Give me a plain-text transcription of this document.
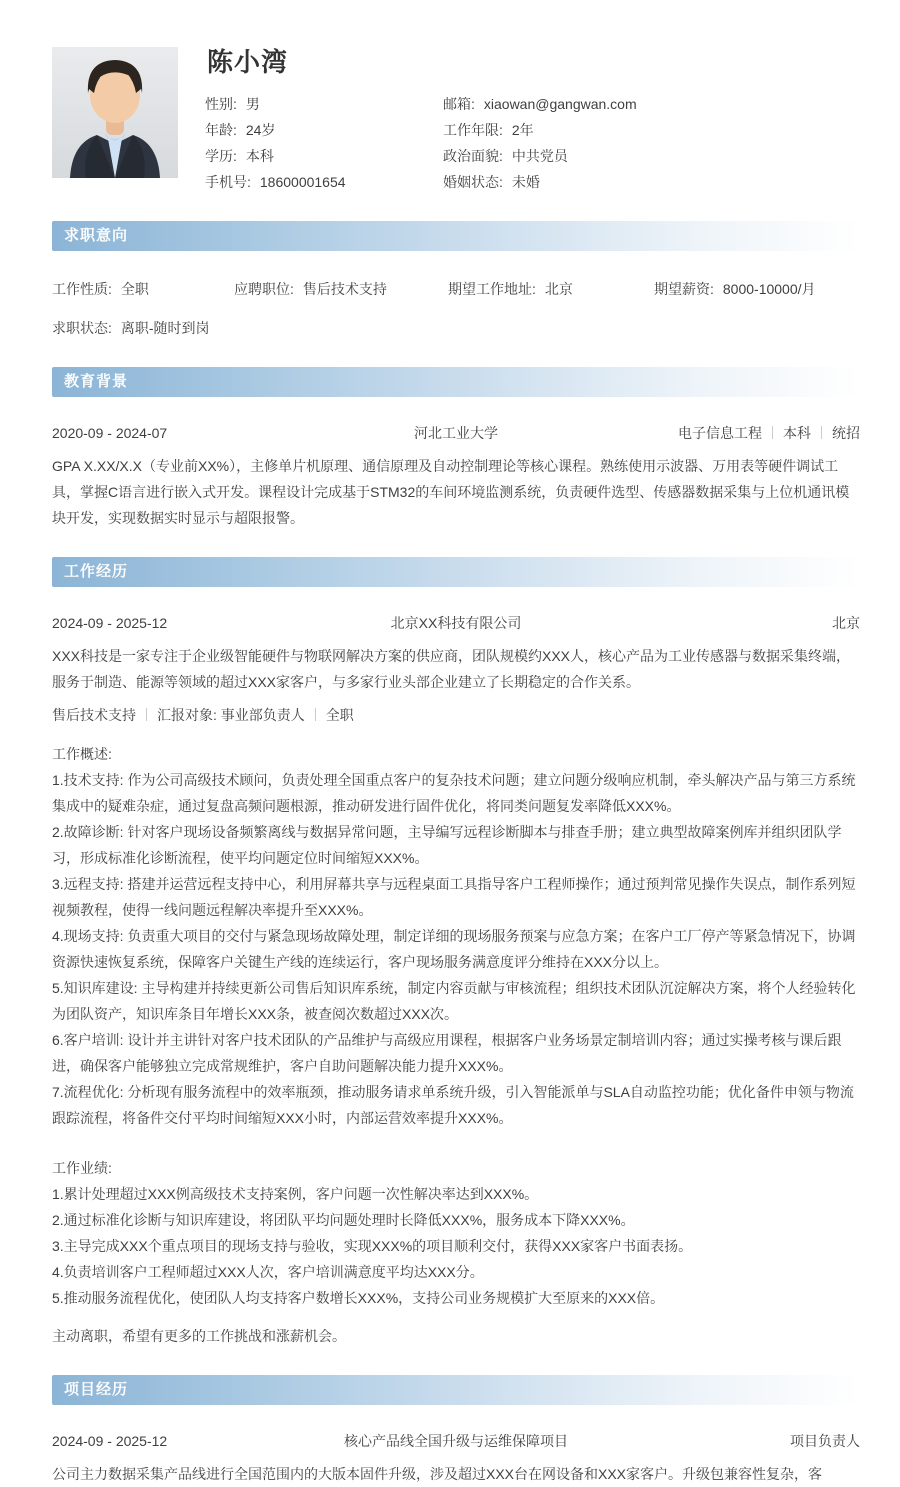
陈小湾
性别: 男	邮箱: xiaowan@gangwan.com
年龄: 24岁	工作年限: 2年
学历: 本科	政治面貌: 中共党员
手机号: 18600001654	婚姻状态: 未婚
求职意向
工作性质: 全职	应聘职位: 售后技术支持	期望工作地址: 北京	期望薪资: 8000-10000/月
求职状态: 离职-随时到岗
教育背景
2020-09 - 2024-07	河北工业大学	电子信息工程 本科 统招
GPA X.XX/X.X（专业前XX%），主修单片机原理、通信原理及自动控制理论等核心课程。熟练使用示波器、万用表等硬件调试工具，掌握C语言进行嵌入式开发。课程设计完成基于STM32的车间环境监测系统，负责硬件选型、传感器数据采集与上位机通讯模块开发，实现数据实时显示与超限报警。
工作经历
2024-09 - 2025-12	北京XX科技有限公司	北京
XXX科技是一家专注于企业级智能硬件与物联网解决方案的供应商，团队规模约XXX人，核心产品为工业传感器与数据采集终端，服务于制造、能源等领域的超过XXX家客户，与多家行业头部企业建立了长期稳定的合作关系。
售后技术支持 汇报对象: 事业部负责人 全职
工作概述:
1.技术支持: 作为公司高级技术顾问，负责处理全国重点客户的复杂技术问题；建立问题分级响应机制，牵头解决产品与第三方系统集成中的疑难杂症，通过复盘高频问题根源，推动研发进行固件优化，将同类问题复发率降低XXX%。
2.故障诊断: 针对客户现场设备频繁离线与数据异常问题，主导编写远程诊断脚本与排查手册；建立典型故障案例库并组织团队学习，形成标准化诊断流程，使平均问题定位时间缩短XXX%。
3.远程支持: 搭建并运营远程支持中心，利用屏幕共享与远程桌面工具指导客户工程师操作；通过预判常见操作失误点，制作系列短视频教程，使得一线问题远程解决率提升至XXX%。
4.现场支持: 负责重大项目的交付与紧急现场故障处理，制定详细的现场服务预案与应急方案；在客户工厂停产等紧急情况下，协调资源快速恢复系统，保障客户关键生产线的连续运行，客户现场服务满意度评分维持在XXX分以上。
5.知识库建设: 主导构建并持续更新公司售后知识库系统，制定内容贡献与审核流程；组织技术团队沉淀解决方案，将个人经验转化为团队资产，知识库条目年增长XXX条，被查阅次数超过XXX次。
6.客户培训: 设计并主讲针对客户技术团队的产品维护与高级应用课程，根据客户业务场景定制培训内容；通过实操考核与课后跟进，确保客户能够独立完成常规维护，客户自助问题解决能力提升XXX%。
7.流程优化: 分析现有服务流程中的效率瓶颈，推动服务请求单系统升级，引入智能派单与SLA自动监控功能；优化备件申领与物流跟踪流程，将备件交付平均时间缩短XXX小时，内部运营效率提升XXX%。
工作业绩:
1.累计处理超过XXX例高级技术支持案例，客户问题一次性解决率达到XXX%。
2.通过标准化诊断与知识库建设，将团队平均问题处理时长降低XXX%，服务成本下降XXX%。
3.主导完成XXX个重点项目的现场支持与验收，实现XXX%的项目顺利交付，获得XXX家客户书面表扬。
4.负责培训客户工程师超过XXX人次，客户培训满意度平均达XXX分。
5.推动服务流程优化，使团队人均支持客户数增长XXX%，支持公司业务规模扩大至原来的XXX倍。
主动离职，希望有更多的工作挑战和涨薪机会。
项目经历
2024-09 - 2025-12	核心产品线全国升级与运维保障项目	项目负责人
公司主力数据采集产品线进行全国范围内的大版本固件升级，涉及超过XXX台在网设备和XXX家客户。升级包兼容性复杂，客
